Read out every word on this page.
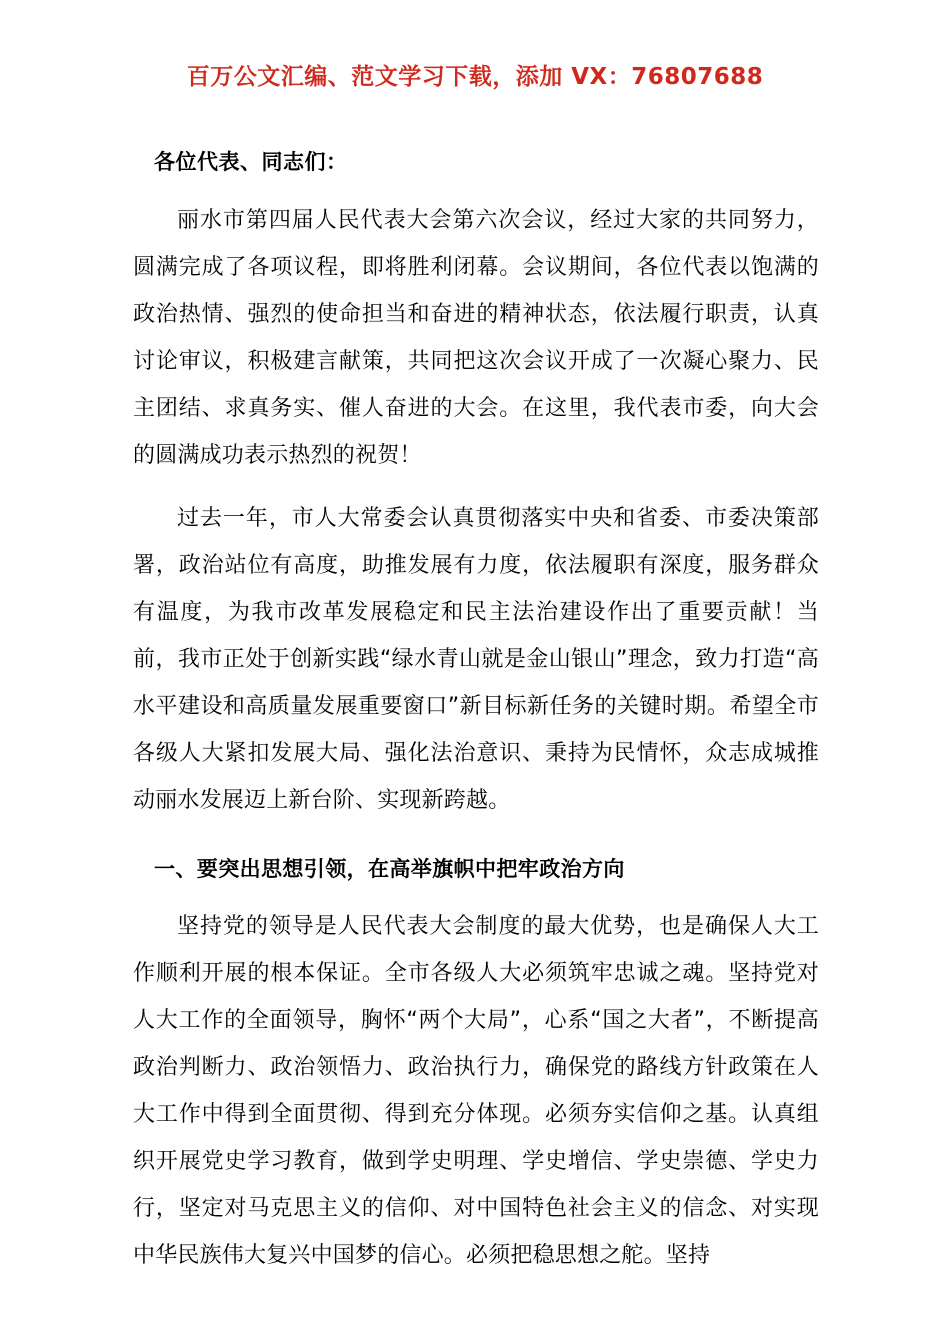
百万公文汇编、范文学习下载，添加 VX：76807688

各位代表、同志们：

丽水市第四届人民代表大会第六次会议，经过大家的共同努力，圆满完成了各项议程，即将胜利闭幕。会议期间，各位代表以饱满的政治热情、强烈的使命担当和奋进的精神状态，依法履行职责，认真讨论审议，积极建言献策，共同把这次会议开成了一次凝心聚力、民主团结、求真务实、催人奋进的大会。在这里，我代表市委，向大会的圆满成功表示热烈的祝贺！

过去一年，市人大常委会认真贯彻落实中央和省委、市委决策部署，政治站位有高度，助推发展有力度，依法履职有深度，服务群众有温度，为我市改革发展稳定和民主法治建设作出了重要贡献！当前，我市正处于创新实践“绿水青山就是金山银山”理念，致力打造“高水平建设和高质量发展重要窗口”新目标新任务的关键时期。希望全市各级人大紧扣发展大局、强化法治意识、秉持为民情怀，众志成城推动丽水发展迈上新台阶、实现新跨越。

一、要突出思想引领，在高举旗帜中把牢政治方向

坚持党的领导是人民代表大会制度的最大优势，也是确保人大工作顺利开展的根本保证。全市各级人大必须筑牢忠诚之魂。坚持党对人大工作的全面领导，胸怀“两个大局”，心系“国之大者”，不断提高政治判断力、政治领悟力、政治执行力，确保党的路线方针政策在人大工作中得到全面贯彻、得到充分体现。必须夯实信仰之基。认真组织开展党史学习教育，做到学史明理、学史增信、学史崇德、学史力行，坚定对马克思主义的信仰、对中国特色社会主义的信念、对实现中华民族伟大复兴中国梦的信心。必须把稳思想之舵。坚持
